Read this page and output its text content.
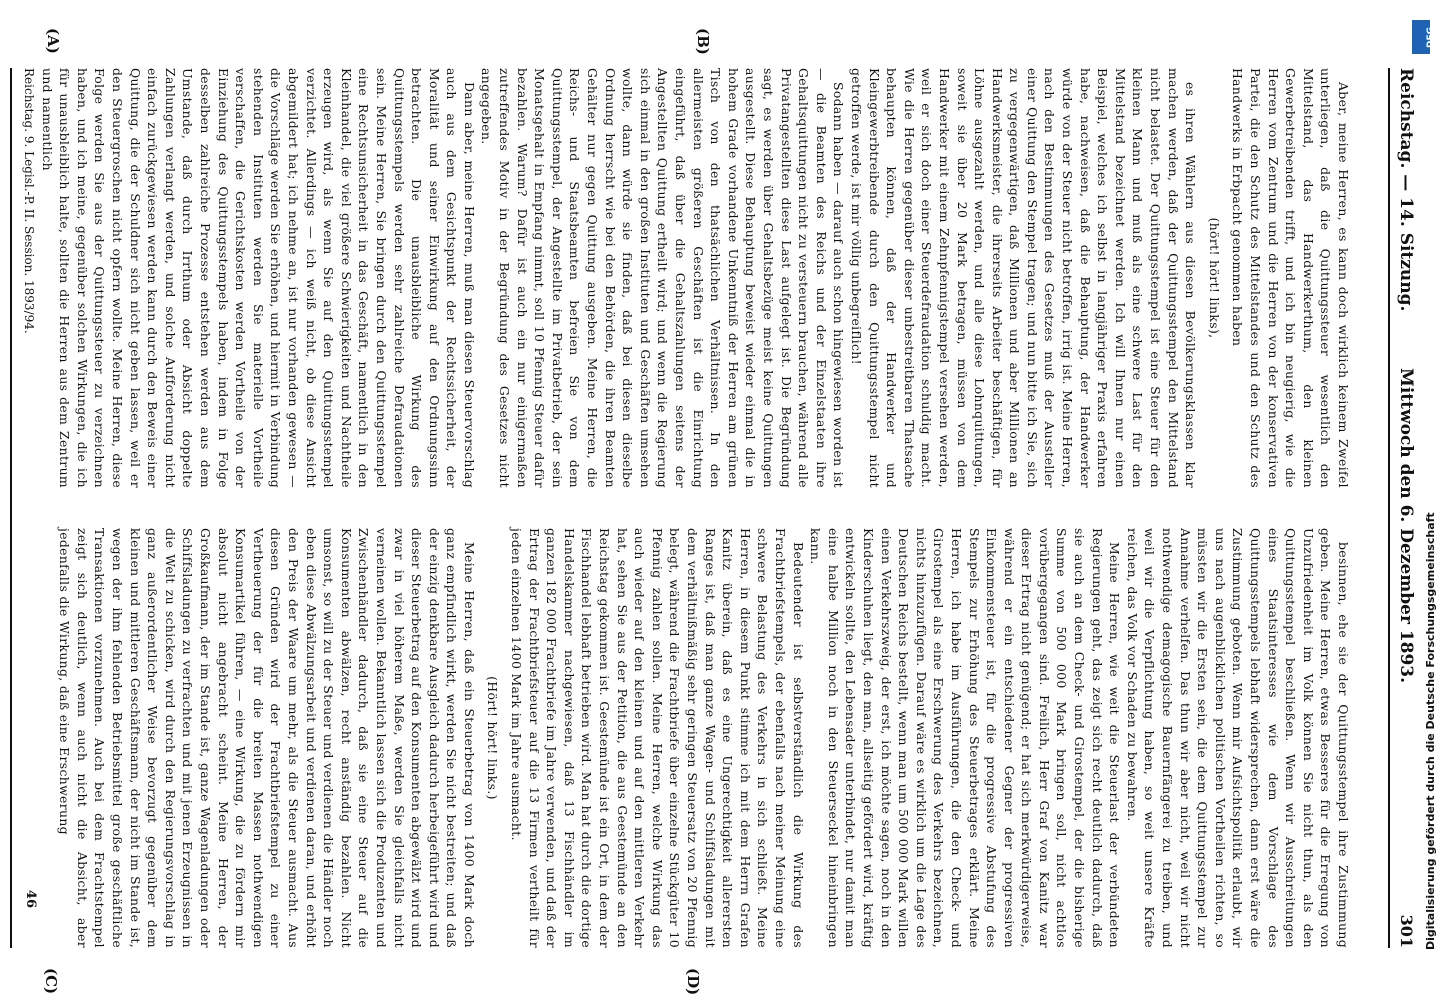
Reichstag. — 14. Sitzung.
Mittwoch den 6. Dezember 1893.
301
(A)	(B)
(C)	(D)

Aber, meine Herren, es kann doch wirklich keinem Zweifel unterliegen, daß die Quittungssteuer wesentlich den Mittelstand, das Handwerkerthum, den kleinen Gewerbetreibenden trifft, und ich bin neugierig, wie die Herren vom Zentrum und die Herren von der konservativen Partei, die den Schutz des Mittelstandes und den Schutz des Handwerks in Erbpacht genommen haben

(hört! hört! links),

es ihren Wählern aus diesen Bevölkerungsklassen klar machen werden, daß der Quittungsstempel den Mittelstand nicht belastet. Der Quittungsstempel ist eine Steuer für den kleinen Mann und muß als eine schwere Last für den Mittelstand bezeichnet werden. Ich will Ihnen nur einen Beispiel, welches ich selbst in langjähriger Praxis erfahren habe, nachweisen, daß die Behauptung, der Handwerker würde von der Steuer nicht betroffen, irrig ist. Meine Herren, nach den Bestimmungen des Gesetzes muß der Aussteller einer Quittung den Stempel tragen; und nun bitte ich Sie, sich zu vergegenwärtigen, daß Millionen und aber Millionen an Handwerksmeister, die ihrerseits Arbeiter beschäftigen, für Löhne ausgezahlt werden, und alle diese Lohnquittungen, soweit sie über 20 Mark betragen, müssen von dem Handwerker mit einem Zehnpfennigstempel versehen werden, weil er sich doch einer Steuerdefraudation schuldig macht. Wie die Herren gegenüber dieser unbestreitbaren Thatsache behaupten können, daß der Handwerker und Kleingewerbtreibende durch den Quittungsstempel nicht getroffen werde, ist mir völlig unbegreiflich!

Sodann haben — darauf auch schon hingewiesen worden ist — die Beamten des Reichs und der Einzelstaaten ihre Gehaltsquittungen nicht zu versteuern brauchen, während alle Privatangestellten diese Last aufgelegt ist. Die Begründung sagt, es werden über Gehaltsbezüge meist keine Quittungen ausgestellt. Diese Behauptung beweist wieder einmal die in hohem Grade vorhandene Unkenntniß der Herren am grünen Tisch von den thatsächlichen Verhältnissen. In den allermeisten größeren Geschäften ist die Einrichtung eingeführt, daß über die Gehaltszahlungen seitens der Angestellten Quittung ertheilt wird; und wenn die Regierung sich einmal in den großen Instituten und Geschäften umsehen wollte, dann würde sie finden, daß bei diesen dieselbe Ordnung herrscht wie bei den Behörden, die ihren Beamten Gehälter nur gegen Quittung ausgeben. Meine Herren, die Reichs- und Staatsbeamten befreien Sie von dem Quittungsstempel, der Angestellte im Privatbetrieb, der sein Monatsgehalt in Empfang nimmt, soll 10 Pfennig Steuer dafür bezahlen. Warum? Dafür ist auch ein nur einigermaßen zutreffendes Motiv in der Begründung des Gesetzes nicht angegeben.

Dann aber, meine Herren, muß man diesen Steuervorschlag auch aus dem Gesichtspunkt der Rechtssicherheit, der Moralität und seiner Einwirkung auf den Ordnungssinn betrachten. Die unausbleibliche Wirkung des Quittungsstempels werden sehr zahlreiche Defraudationen sein. Meine Herren, Sie bringen durch den Quittungsstempel eine Rechtsunsicherheit in das Geschäft, namentlich in den Kleinhandel, die viel größere Schwierigkeiten und Nachtheile erzeugen wird, als wenn Sie auf den Quittungsstempel verzichtet. Allerdings — ich weiß nicht, ob diese Ansicht abgemildert hat; ich nehme an, ist nur vorhanden gewesen — die Vorschläge werden Sie erhöhen, und hiermit in Verbindung stehenden Instituten werden Sie materielle Vortheile verschaffen, die Gerichtskosten werden Vortheile von der Einziehung des Quittungsstempels haben, indem in Folge desselben zahlreiche Prozesse entstehen werden aus dem Umstande, daß durch Irrthum oder Absicht doppelte Zahlungen verlangt werden, und solche Aufforderung nicht einfach zurückgewiesen werden kann durch den Beweis einer Quittung, die der Schuldner sich nicht geben lassen, weil er den Steuergroschen nicht opfern wollte. Meine Herren, diese Folge werden Sie aus der Quittungssteuer zu verzeichnen haben, und ich meine, gegenüber solchen Wirkungen, die ich für unausbleiblich halte, sollten die Herren aus dem Zentrum und namentlich

besinnen, ehe sie der Quittungsstempel ihre Zustimmung geben. Meine Herren, etwas Besseres für die Erregung von Unzufriedenheit im Volk können Sie nicht thun, als den Quittungsstempel beschließen. Wenn wir Ausschreitungen eines Staatsinteresses wie dem Vorschlage des Quittungsstempels lebhaft widersprechen, dann erst wäre die Zustimmung geboten. Wenn mir Aufsichtspolitik erlaubt, wir uns nach augenblicklichen politischen Vortheilen richten, so müssten wir die Ersten sein, die dem Quittungsstempel zur Annahme verhelfen. Das thun wir aber nicht, weil wir nicht nothwendige demagogische Bauernfängerei zu treiben, und weil wir die Verpflichtung haben, so weit unsere Kräfte reichen, das Volk vor Schaden zu bewahren.

Meine Herren, wie weit die Steuerlast der verbündeten Regierungen geht, das zeigt sich recht deutlich dadurch, daß sie auch an dem Check- und Girostempel, der die bisherige Summe von 500 000 Mark bringen soll, nicht achtlos vorübergegangen sind. Freilich, Herr Graf von Kanitz war dieser Ertrag nicht genügend; er hat sich merkwürdigerweise, während er ein entschiedener Gegner der progressiven Einkommensteuer ist, für die progressive Abstufung des Stempels zur Erhöhung des Steuerbetrages erklärt. Meine Herren, ich habe im Ausführungen, die den Check- und Girostempel als eine Erschwerung des Verkehrs bezeichnen, nichts hinzuzufügen. Darauf wäre es wirklich um die Lage des Deutschen Reichs bestellt, wenn man um 500 000 Mark willen einen Verkehrszweig, der erst, ich möchte sagen, noch in den Kinderschuhen liegt, den man, allseitig gefördert wird, kräftig entwickeln sollte, den Lebensader unterbindet, nur damit man eine halbe Million noch in den Steuerseckel hineinbringen kann.

Bedeutender ist selbstverständlich die Wirkung des Frachtbriefstempels, der ebenfalls nach meiner Meinung eine schwere Belastung des Verkehrs in sich schließt. Meine Herren, in diesem Punkt stimme ich mit dem Herrn Grafen Kanitz überein, daß es eine Ungerechtigkeit allerersten Ranges ist, daß man ganze Wagen- und Schiffsladungen mit dem verhältnißmäßig sehr geringen Steuersatz von 20 Pfennig belegt, während die Frachtbriefe über einzelne Stückgüter 10 Pfennig zahlen sollen. Meine Herren, welche Wirkung das auch wieder auf den kleinen und auf den mittleren Verkehr hat, sehen Sie aus der Petition, die aus Geestemünde an den Reichstag gekommen ist. Geestemünde ist ein Ort, in dem der Fischhandel lebhaft betrieben wird. Man hat durch die dortige Handelskammer nachgewiesen, daß 13 Fischhändler im ganzen 182 000 Frachtbriefe im Jahre verwenden, und daß der Ertrag der Frachtbriefsteuer auf die 13 Firmen vertheilt für jeden einzelnen 1400 Mark im Jahre ausmacht.

(Hört! hört! links.)

Meine Herren, daß ein Steuerbetrag von 1400 Mark doch ganz empfindlich wirkt, werden Sie nicht bestreiten; und daß der einzig denkbare Ausgleich dadurch herbeigeführt wird und dieser Steuerbetrag auf den Konsumenten abgewälzt wird und zwar in viel höherem Maße, werden Sie gleichfalls nicht verneinen wollen. Bekanntlich lassen sich die Produzenten und Zwischenhändler dadurch, daß sie eine Steuer auf die Konsumenten abwälzen, recht anständig bezahlen. Nicht umsonst, so will zu der Steuer und verdienen die Händler noch eben diese Abwälzungsarbeit und verdienen daran, und erhöht den Preis der Waare um mehr, als die Steuer ausmacht. Aus diesen Gründen wird der Frachtbriefstempel zu einer Vertheuerung der für die breiten Massen nothwendigen Konsumartikel führen, — eine Wirkung, die zu fördern mir absolut nicht angebracht scheint. Meine Herren, der Großkaufmann, der im Stande ist, ganze Wagenladungen oder Schiffsladungen zu verfrachten und mit jenen Erzeugnissen in die Welt zu schicken, wird durch den Regierungsvorschlag in ganz außerordentlicher Weise bevorzugt gegenüber dem kleinen und mittleren Geschäftsmann, der nicht im Stande ist, wegen der ihm fehlenden Betriebsmittel große geschäftliche Transaktionen vorzunehmen. Auch bei dem Frachtstempel zeigt sich deutlich, wenn auch nicht die Absicht, aber jedenfalls die Wirkung, daß eine Erschwerung

Reichstag. 9. Legisl.-P. II. Session. 1893/94.
46
DFG
Digitalisierung gefördert durch die Deutsche Forschungsgemeinschaft
